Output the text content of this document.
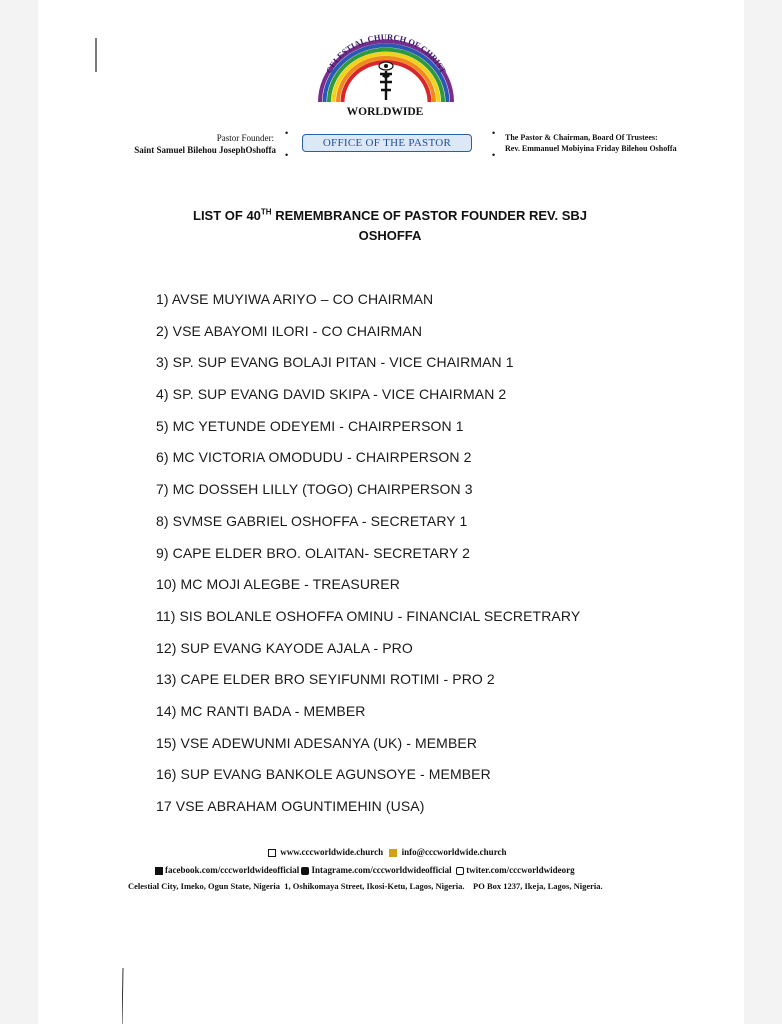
CELESTIAL CHURCH OF CHRIST
WORLDWIDE
Pastor Founder:
Saint Samuel Bilehou JosephOshoffa
•

•
OFFICE OF THE PASTOR
•

•
The Pastor & Chairman, Board Of Trustees:
Rev. Emmanuel Mobiyina Friday Bilehou Oshoffa
LIST OF 40TH REMEMBRANCE OF PASTOR FOUNDER REV. SBJ
OSHOFFA
1) AVSE MUYIWA ARIYO – CO CHAIRMAN
2) VSE ABAYOMI ILORI - CO CHAIRMAN
3) SP. SUP EVANG BOLAJI PITAN - VICE CHAIRMAN 1
4) SP. SUP EVANG DAVID SKIPA - VICE CHAIRMAN 2
5) MC YETUNDE ODEYEMI - CHAIRPERSON 1
6) MC VICTORIA OMODUDU - CHAIRPERSON 2
7) MC DOSSEH LILLY (TOGO) CHAIRPERSON 3
8) SVMSE GABRIEL OSHOFFA - SECRETARY 1
9) CAPE ELDER BRO. OLAITAN- SECRETARY 2
10) MC MOJI ALEGBE - TREASURER
11) SIS BOLANLE OSHOFFA OMINU - FINANCIAL SECRETRARY
12) SUP EVANG KAYODE AJALA - PRO
13) CAPE ELDER BRO SEYIFUNMI ROTIMI - PRO 2
14) MC RANTI BADA - MEMBER
15) VSE ADEWUNMI ADESANYA (UK) - MEMBER
16) SUP EVANG BANKOLE AGUNSOYE - MEMBER
17 VSE ABRAHAM OGUNTIMEHIN (USA)
www.cccworldwide.church info@cccworldwide.church
facebook.com/cccworldwideofficial Intagrame.com/cccworldwideofficial twiter.com/cccworldwideorg
Celestial City, Imeko, Ogun State, Nigeria 1, Oshikomaya Street, Ikosi-Ketu, Lagos, Nigeria. PO Box 1237, Ikeja, Lagos, Nigeria.
